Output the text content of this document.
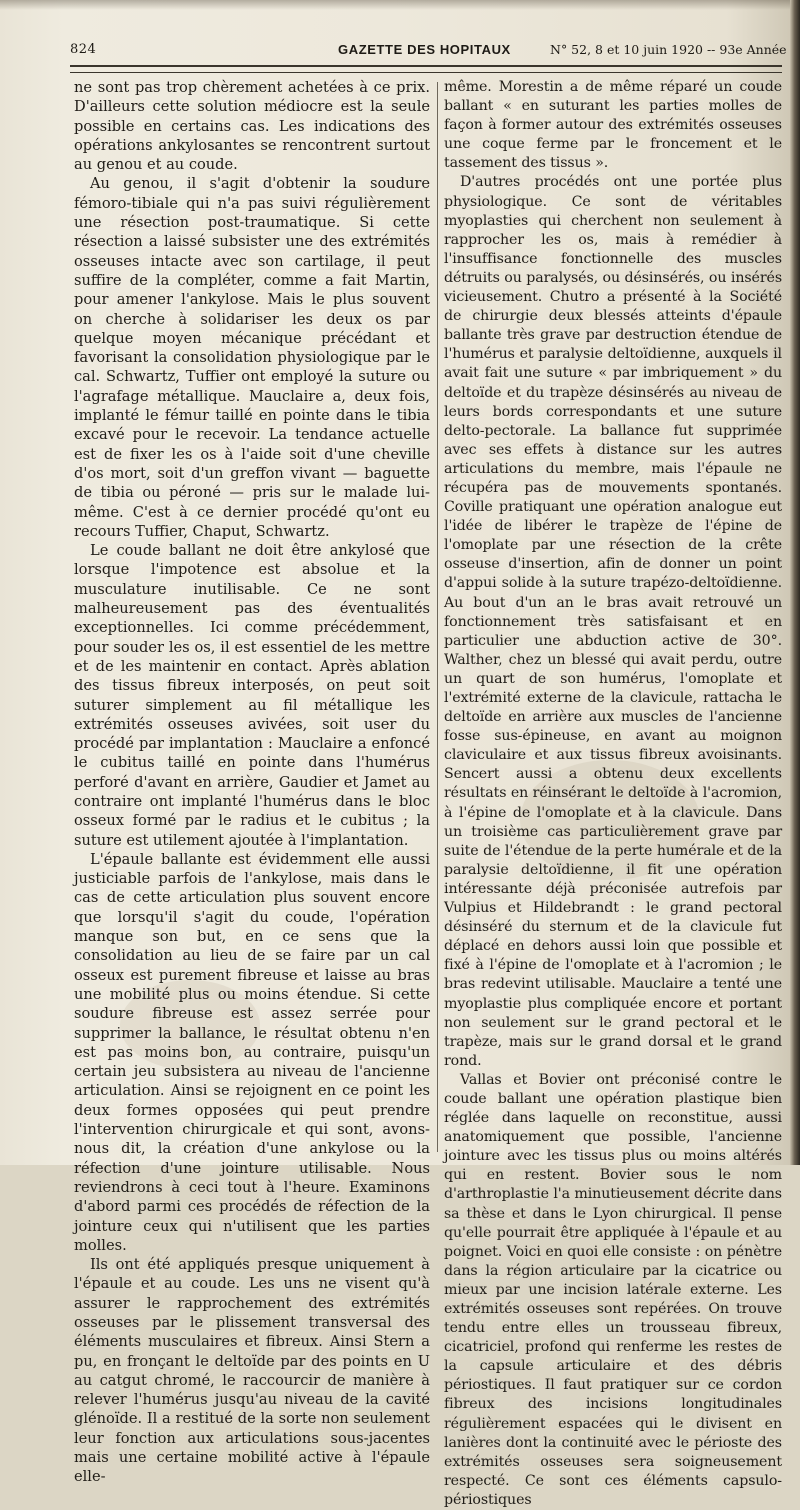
824	GAZETTE DES HOPITAUX	N° 52, 8 et 10 juin 1920 -- 93e Année

ne sont pas trop chèrement achetées à ce prix. D'ailleurs cette solution médiocre est la seule possible en certains cas. Les indications des opérations ankylosantes se rencontrent surtout au genou et au coude.

Au genou, il s'agit d'obtenir la soudure fémoro-tibiale qui n'a pas suivi régulièrement une résection post-traumatique. Si cette résection a laissé subsister une des extrémités osseuses intacte avec son cartilage, il peut suffire de la compléter, comme a fait Martin, pour amener l'ankylose. Mais le plus souvent on cherche à solidariser les deux os par quelque moyen mécanique précédant et favorisant la consolidation physiologique par le cal. Schwartz, Tuffier ont employé la suture ou l'agrafage métallique. Mauclaire a, deux fois, implanté le fémur taillé en pointe dans le tibia excavé pour le recevoir. La tendance actuelle est de fixer les os à l'aide soit d'une cheville d'os mort, soit d'un greffon vivant — baguette de tibia ou péroné — pris sur le malade lui-même. C'est à ce dernier procédé qu'ont eu recours Tuffier, Chaput, Schwartz.

Le coude ballant ne doit être ankylosé que lorsque l'impotence est absolue et la musculature inutilisable. Ce ne sont malheureusement pas des éventualités exceptionnelles. Ici comme précédemment, pour souder les os, il est essentiel de les mettre et de les maintenir en contact. Après ablation des tissus fibreux interposés, on peut soit suturer simplement au fil métallique les extrémités osseuses avivées, soit user du procédé par implantation : Mauclaire a enfoncé le cubitus taillé en pointe dans l'humérus perforé d'avant en arrière, Gaudier et Jamet au contraire ont implanté l'humérus dans le bloc osseux formé par le radius et le cubitus ; la suture est utilement ajoutée à l'implantation.

L'épaule ballante est évidemment elle aussi justiciable parfois de l'ankylose, mais dans le cas de cette articulation plus souvent encore que lorsqu'il s'agit du coude, l'opération manque son but, en ce sens que la consolidation au lieu de se faire par un cal osseux est purement fibreuse et laisse au bras une mobilité plus ou moins étendue. Si cette soudure fibreuse est assez serrée pour supprimer la ballance, le résultat obtenu n'en est pas moins bon, au contraire, puisqu'un certain jeu subsistera au niveau de l'ancienne articulation. Ainsi se rejoignent en ce point les deux formes opposées qui peut prendre l'intervention chirurgicale et qui sont, avons-nous dit, la création d'une ankylose ou la réfection d'une jointure utilisable. Nous reviendrons à ceci tout à l'heure. Examinons d'abord parmi ces procédés de réfection de la jointure ceux qui n'utilisent que les parties molles.

Ils ont été appliqués presque uniquement à l'épaule et au coude. Les uns ne visent qu'à assurer le rapprochement des extrémités osseuses par le plissement transversal des éléments musculaires et fibreux. Ainsi Stern a pu, en fronçant le deltoïde par des points en U au catgut chromé, le raccourcir de manière à relever l'humérus jusqu'au niveau de la cavité glénoïde. Il a restitué de la sorte non seulement leur fonction aux articulations sous-jacentes mais une certaine mobilité active à l'épaule elle-

même. Morestin a de même réparé un coude ballant « en suturant les parties molles de façon à former autour des extrémités osseuses une coque ferme par le froncement et le tassement des tissus ».

D'autres procédés ont une portée plus physiologique. Ce sont de véritables myoplasties qui cherchent non seulement à rapprocher les os, mais à remédier à l'insuffisance fonctionnelle des muscles détruits ou paralysés, ou désinsérés, ou insérés vicieusement. Chutro a présenté à la Société de chirurgie deux blessés atteints d'épaule ballante très grave par destruction étendue de l'humérus et paralysie deltoïdienne, auxquels il avait fait une suture « par imbriquement » du deltoïde et du trapèze désinsérés au niveau de leurs bords correspondants et une suture delto-pectorale. La ballance fut supprimée avec ses effets à distance sur les autres articulations du membre, mais l'épaule ne récupéra pas de mouvements spontanés. Coville pratiquant une opération analogue eut l'idée de libérer le trapèze de l'épine de l'omoplate par une résection de la crête osseuse d'insertion, afin de donner un point d'appui solide à la suture trapézo-deltoïdienne. Au bout d'un an le bras avait retrouvé un fonctionnement très satisfaisant et en particulier une abduction active de 30°. Walther, chez un blessé qui avait perdu, outre un quart de son humérus, l'omoplate et l'extrémité externe de la clavicule, rattacha le deltoïde en arrière aux muscles de l'ancienne fosse sus-épineuse, en avant au moignon claviculaire et aux tissus fibreux avoisinants. Sencert aussi a obtenu deux excellents résultats en réinsérant le deltoïde à l'acromion, à l'épine de l'omoplate et à la clavicule. Dans un troisième cas particulièrement grave par suite de l'étendue de la perte humérale et de la paralysie deltoïdienne, il fit une opération intéressante déjà préconisée autrefois par Vulpius et Hildebrandt : le grand pectoral désinséré du sternum et de la clavicule fut déplacé en dehors aussi loin que possible et fixé à l'épine de l'omoplate et à l'acromion ; le bras redevint utilisable. Mauclaire a tenté une myoplastie plus compliquée encore et portant non seulement sur le grand pectoral et le trapèze, mais sur le grand dorsal et le grand rond.

Vallas et Bovier ont préconisé contre le coude ballant une opération plastique bien réglée dans laquelle on reconstitue, aussi anatomiquement que possible, l'ancienne jointure avec les tissus plus ou moins altérés qui en restent. Bovier sous le nom d'arthroplastie l'a minutieusement décrite dans sa thèse et dans le Lyon chirurgical. Il pense qu'elle pourrait être appliquée à l'épaule et au poignet. Voici en quoi elle consiste : on pénètre dans la région articulaire par la cicatrice ou mieux par une incision latérale externe. Les extrémités osseuses sont repérées. On trouve tendu entre elles un trousseau fibreux, cicatriciel, profond qui renferme les restes de la capsule articulaire et des débris périostiques. Il faut pratiquer sur ce cordon fibreux des incisions longitudinales régulièrement espacées qui le divisent en lanières dont la continuité avec le périoste des extrémités osseuses sera soigneusement respecté. Ce sont ces éléments capsulo-périostiques
